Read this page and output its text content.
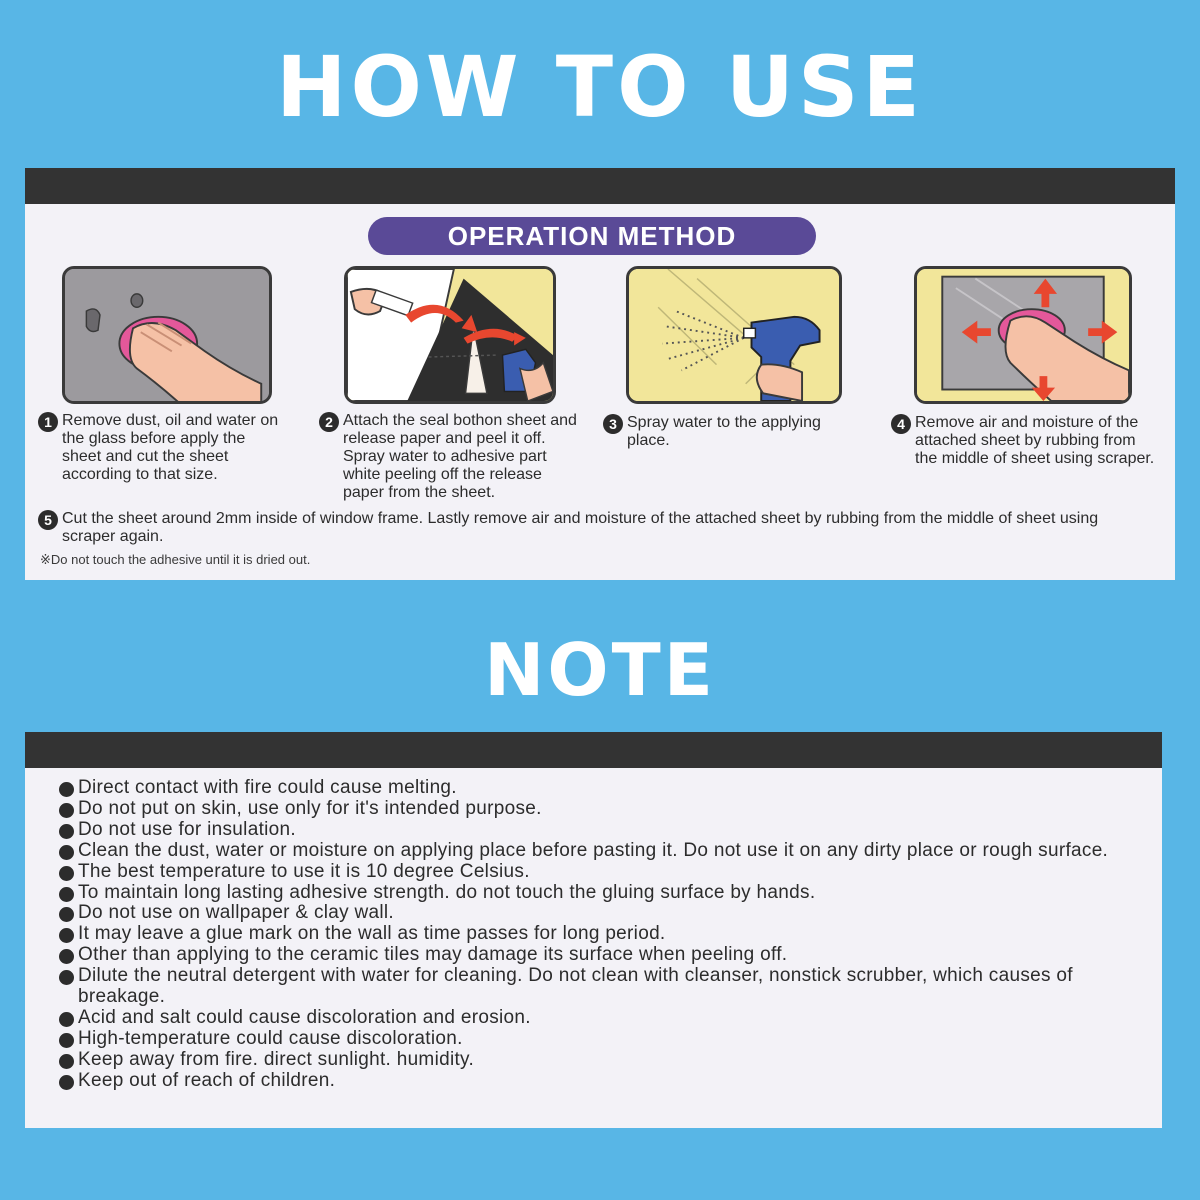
HOW TO USE
OPERATION METHOD
1 Remove dust, oil and water on the glass before apply the sheet and cut the sheet according to that size.
2 Attach the seal bothon sheet and release paper and peel it off. Spray water to adhesive part white peeling off the release paper from the sheet.
3 Spray water to the applying place.
4 Remove air and moisture of the attached sheet by rubbing from the middle of sheet using scraper.
5 Cut the sheet around 2mm inside of window frame. Lastly remove air and moisture of the attached sheet by rubbing from the middle of sheet using scraper again.
※Do not touch the adhesive until it is dried out.
NOTE
Direct contact with fire could cause melting.
Do not put on skin, use only for it's intended purpose.
Do not use for insulation.
Clean the dust, water or moisture on applying place before pasting it. Do not use it on any dirty place or rough surface.
The best temperature to use it is 10 degree Celsius.
To maintain long lasting adhesive strength. do not touch the gluing surface by hands.
Do not use on wallpaper & clay wall.
It may leave a glue mark on the wall as time passes for long period.
Other than applying to the ceramic tiles may damage its surface when peeling off.
Dilute the neutral detergent with water for cleaning. Do not clean with cleanser, nonstick scrubber, which causes of breakage.
Acid and salt could cause discoloration and erosion.
High-temperature could cause discoloration.
Keep away from fire. direct sunlight. humidity.
Keep out of reach of children.
